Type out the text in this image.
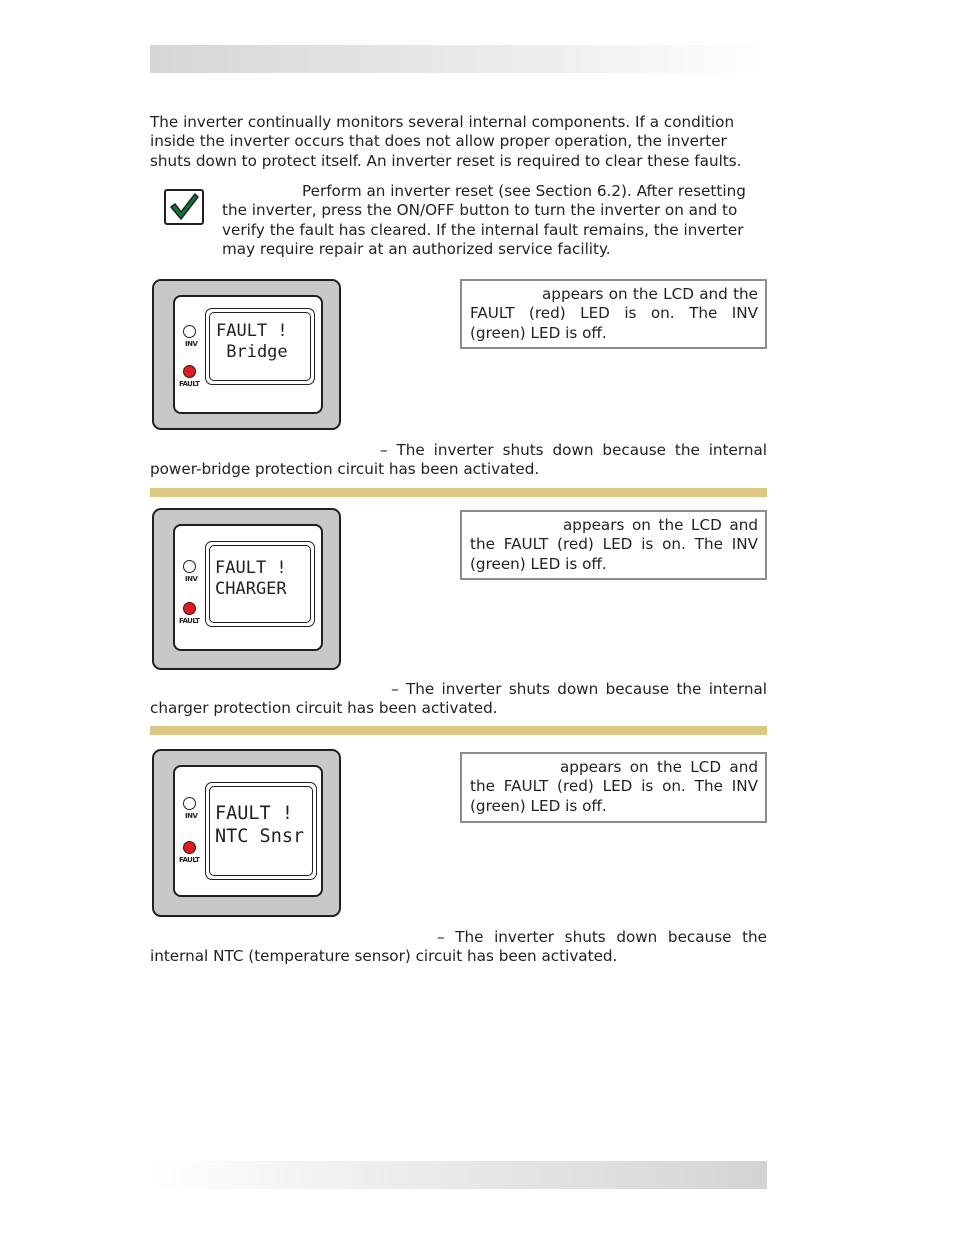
The inverter continually monitors several internal components. If a condition inside the inverter occurs that does not allow proper operation, the inverter shuts down to protect itself. An inverter reset is required to clear these faults.

Perform an inverter reset (see Section 6.2). After resetting the inverter, press the ON/OFF button to turn the inverter on and to verify the fault has cleared. If the internal fault remains, the inverter may require repair at an authorized service facility.

INV
FAULT
FAULT !
Bridge
appears on the LCD and the FAULT (red) LED is on. The INV (green) LED is off.

– The inverter shuts down because the internal power-bridge protection circuit has been activated.

INV
FAULT
FAULT !
CHARGER
appears on the LCD and the FAULT (red) LED is on. The INV (green) LED is off.

– The inverter shuts down because the internal charger protection circuit has been activated.

INV
FAULT
FAULT !
NTC Snsr
appears on the LCD and the FAULT (red) LED is on. The INV (green) LED is off.

– The inverter shuts down because the internal NTC (temperature sensor) circuit has been activated.
